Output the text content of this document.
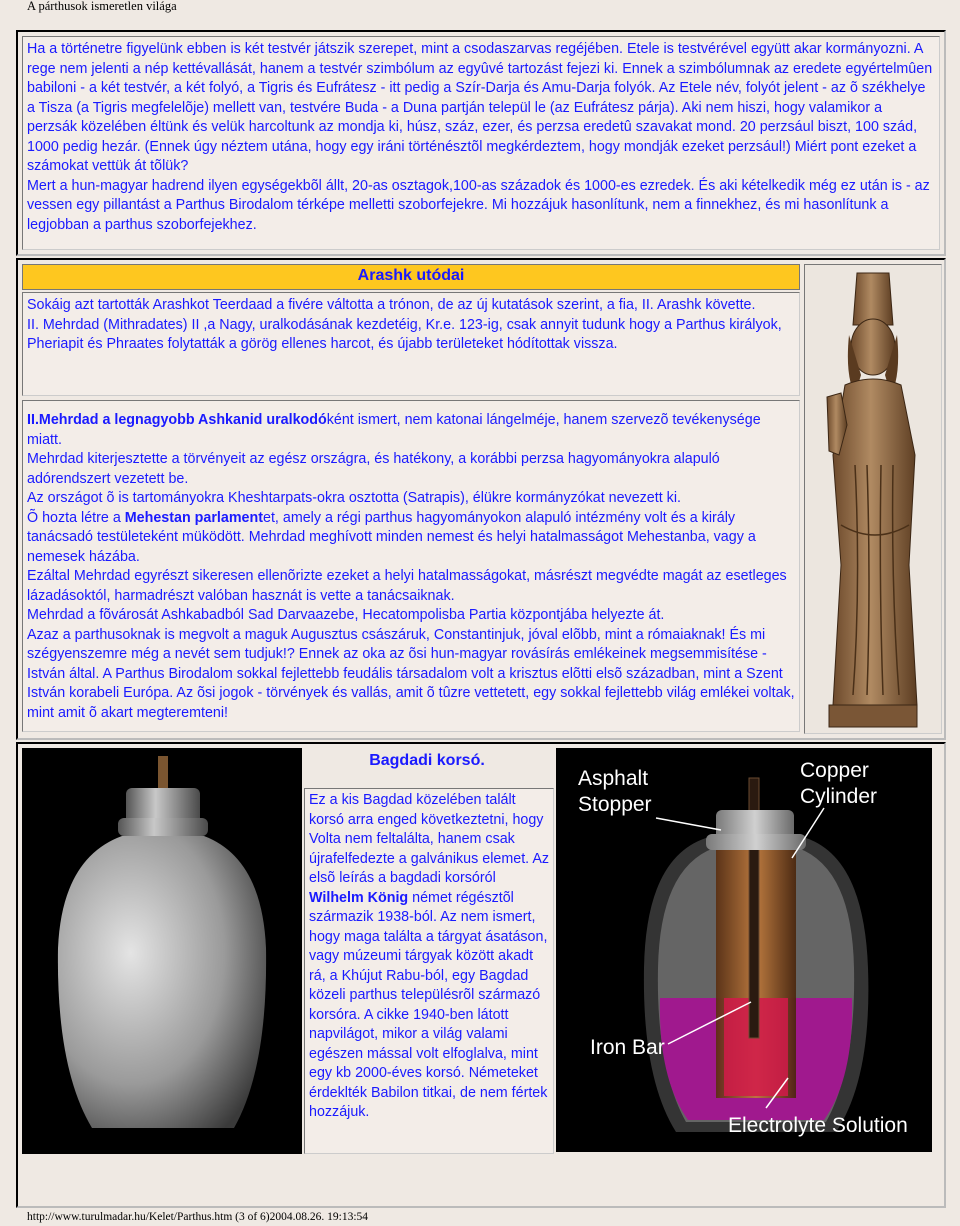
A párthusok ismeretlen világa

Ha a történetre figyelünk ebben is két testvér játszik szerepet, mint a csodaszarvas regéjében. Etele is testvérével együtt akar kormányozni. A rege nem jelenti a nép kettévallását, hanem a testvér szimbólum az egyûvé tartozást fejezi ki. Ennek a szimbólumnak az eredete egyértelmûen babiloni - a két testvér, a két folyó, a Tigris és Eufrátesz - itt pedig a Szír-Darja és Amu-Darja folyók. Az Etele név, folyót jelent - az õ székhelye a Tisza (a Tigris megfelelõje) mellett van, testvére Buda - a Duna partján települ le (az Eufrátesz párja). Aki nem hiszi, hogy valamikor a perzsák közelében éltünk és velük harcoltunk az mondja ki, húsz, száz, ezer, és perzsa eredetû szavakat mond. 20 perzsául biszt, 100 szád, 1000 pedig hezár. (Ennek úgy néztem utána, hogy egy iráni történésztõl megkérdeztem, hogy mondják ezeket perzsául!) Miért pont ezeket a számokat vettük át tõlük?

Mert a hun-magyar hadrend ilyen egységekbõl állt, 20-as osztagok,100-as századok és 1000-es ezredek. És aki kételkedik még ez után is - az vessen egy pillantást a Parthus Birodalom térképe melletti szoborfejekre. Mi hozzájuk hasonlítunk, nem a finnekhez, és mi hasonlítunk a legjobban a parthus szoborfejekhez.

Arashk utódai

Sokáig azt tartották Arashkot Teerdaad a fivére váltotta a trónon, de az új kutatások szerint, a fia, II. Arashk követte.

II. Mehrdad (Mithradates) II ,a Nagy, uralkodásának kezdetéig, Kr.e. 123-ig, csak annyit tudunk hogy a Parthus királyok, Pheriapit és Phraates folytatták a görög ellenes harcot, és újabb területeket hódítottak vissza.

II.Mehrdad a legnagyobb Ashkanid uralkodóként ismert, nem katonai lángelméje, hanem szervezõ tevékenysége miatt.

Mehrdad kiterjesztette a törvényeit az egész országra, és hatékony, a korábbi perzsa hagyományokra alapuló adórendszert vezetett be.

Az országot õ is tartományokra Kheshtarpats-okra osztotta (Satrapis), élükre kormányzókat nevezett ki.

Õ hozta létre a Mehestan parlamentet, amely a régi parthus hagyományokon alapuló intézmény volt és a király tanácsadó testületeként müködött. Mehrdad meghívott minden nemest és helyi hatalmasságot Mehestanba, vagy a nemesek házába.

Ezáltal Mehrdad egyrészt sikeresen ellenõrizte ezeket a helyi hatalmasságokat, másrészt megvédte magát az esetleges lázadásoktól, harmadrészt valóban hasznát is vette a tanácsaiknak.

Mehrdad a fõvárosát Ashkabadból Sad Darvaazebe, Hecatompolisba Partia központjába helyezte át.

Azaz a parthusoknak is megvolt a maguk Augusztus császáruk, Constantinjuk, jóval elõbb, mint a rómaiaknak! És mi szégyenszemre még a nevét sem tudjuk!? Ennek az oka az õsi hun-magyar rovásírás emlékeinek megsemmisítése - István által. A Parthus Birodalom sokkal fejlettebb feudális társadalom volt a krisztus elõtti elsõ században, mint a Szent István korabeli Európa. Az õsi jogok - törvények és vallás, amit õ tûzre vettetett, egy sokkal fejlettebb világ emlékei voltak, mint amit õ akart megteremteni!

Bagdadi korsó.

Ez a kis Bagdad közelében talált korsó arra enged következtetni, hogy Volta nem feltalálta, hanem csak újrafelfedezte a galvánikus elemet. Az elsõ leírás a bagdadi korsóról Wilhelm König német régésztõl származik 1938-ból. Az nem ismert, hogy maga találta a tárgyat ásatáson, vagy múzeumi tárgyak között akadt rá, a Khújut Rabu-ból, egy Bagdad közeli parthus településrõl származó korsóra. A cikke 1940-ben látott napvilágot, mikor a világ valami egészen mással volt elfoglalva, mint egy kb 2000-éves korsó. Németeket érdeklték Babilon titkai, de nem fértek hozzájuk.

Asphalt Stopper
Copper Cylinder
Iron Bar
Electrolyte Solution
http://www.turulmadar.hu/Kelet/Parthus.htm (3 of 6)2004.08.26. 19:13:54
